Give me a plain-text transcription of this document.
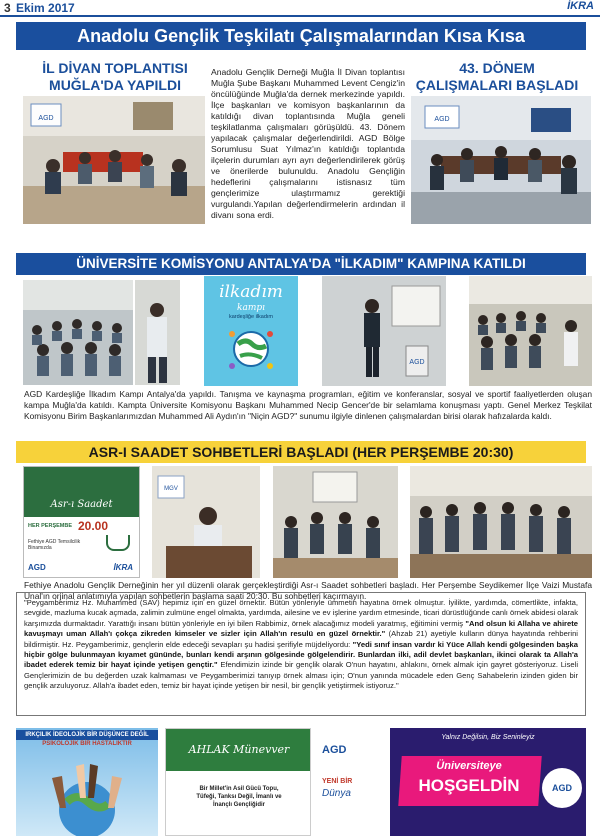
3 Ekim 2017	İKRA
Anadolu Gençlik Teşkilatı Çalışmalarından Kısa Kısa
İL DİVAN TOPLANTISI
MUĞLA'DA YAPILDI
43. DÖNEM
ÇALIŞMALARI BAŞLADI
AGD
Anadolu Gençlik Derneği Muğla İl Divan toplantısı Muğla Şube Başkanı Muhammed Levent Cengiz'in öncülüğünde Muğla'da dernek merkezinde yapıldı. İlçe başkanları ve komisyon başkanlarının da katıldığı divan toplantısında Muğla geneli teşkilatlanma çalışmaları görüşüldü. 43. Dönem yapılacak çalışmalar değerlendirildi. AGD Bölge Sorumlusu Suat Yılmaz'ın katıldığı toplantıda ilçelerin durumları ayrı ayrı değerlendirilerek görüş ve önerilerde bulunuldu. Anadolu Gençliğin hedeflerini çalışmalarını istisnasız tüm gençlerimize ulaştırmamız gerektiği vurgulandı.Yapılan değerlendirmelerin ardından il divanı sona erdi.
AGD
ÜNİVERSİTE KOMİSYONU ANTALYA'DA "İLKADIM" KAMPINA KATILDI
ilkadım
kampı
kardeşliğe ilkadım
AGD
AGD Kardeşliğe İlkadım Kampı Antalya'da yapıldı. Tanışma ve kaynaşma programları, eğitim ve konferanslar, sosyal ve sportif faaliyetlerden oluşan kampa Muğla'da katıldı. Kampta Üniversite Komisyonu Başkanı Muhammed Necip Gencer'de bir selamlama konuşması yaptı. Genel Merkez Teşkilat Komisyonu Birim Başkanlarımızdan Muhammed Ali Aydın'ın "Niçin AGD?" sunumu ilgiyle dinlenen çalışmalardan birisi olarak hafızalarda kaldı.
ASR-I SAADET SOHBETLERİ BAŞLADI (HER PERŞEMBE 20:30)
Asr-ı Saadet
HER PERŞEMBE 20.00
Fethiye AGD Temsilcilik Binamızda
AGD	İKRA
MGV
Fethiye Anadolu Gençlik Derneğinin her yıl düzenli olarak gerçekleştirdiği Asr-ı Saadet sohbetleri başladı. Her Perşembe Seydikemer İlçe Vaizi Mustafa Ünal'ın orjinal anlatımıyla yapılan sohbetlerin başlama saati 20:30. Bu sohbetleri kaçırmayın.
"Peygamberimiz Hz. Muhammed (SAV) hepimiz için en güzel örnektir. Bütün yönleriyle ümmetin hayatına örnek olmuştur. İyilikte, yardımda, cömertlikte, infakta, sevgide, mazluma kucak açmada, zalimin zulmüne engel olmakta, yardımda, ailesine ve ev işlerine yardım etmesinde, ticari dürüstlüğünde canlı örnek abidesi olarak karşımızda durmaktadır. Yarattığı insanı bütün yönleriyle en iyi bilen Rabbimiz, örnek alacağımız modeli yaratmış, eğitimini vermiş "And olsun ki Allaha ve ahirete kavuşmayı uman Allah'ı çokça zikreden kimseler ve sizler için Allah'ın resulü en güzel örnektir." (Ahzab 21) ayetiyle kulların dünya hayatında rehberini bildirmiştir. Hz. Peygamberimiz, gençlerin elde edeceği sevapları şu hadisi şerifiyle müjdeliyordu: "Yedi sınıf insan vardır ki Yüce Allah kendi gölgesinden başka hiçbir gölge bulunmayan kıyamet gününde, bunları kendi arşının gölgesinde gölgelendirir. Bunlardan ilki, adil devlet başkanları, ikinci olarak ta Allah'a ibadet ederek temiz bir hayat içinde yetişen gençtir." Efendimizin izinde bir gençlik olarak O'nun hayatını, ahlakını, örnek almak için gayret gösteriyoruz. Liseli Gençlerimizin de bu değerden uzak kalmaması ve Peygamberimizi tanıyıp örnek alması için; O'nun yanında mücadele eden Genç Sahabelerin izinden giden bir gençlik arzuluyoruz. Allah'a ibadet eden, temiz bir hayat içinde yetişen bir nesil, bir gençlik yetiştirmek istiyoruz."
IRKÇILIK İDEOLOJİK BİR DÜŞÜNCE DEĞİL
PSİKOLOJİK BİR HASTALIKTIR	AHLAK Münevver
Bir Millet'in Asil Gücü Topu, Tüfeği, Tanksı Değil, İmanlı ve İnançlı Gençliğidir
AGD
YENİ BİR
Dünya
Yalnız Değilsin, Biz Seninleyiz
Üniversiteye
HOŞGELDİN	AGD
